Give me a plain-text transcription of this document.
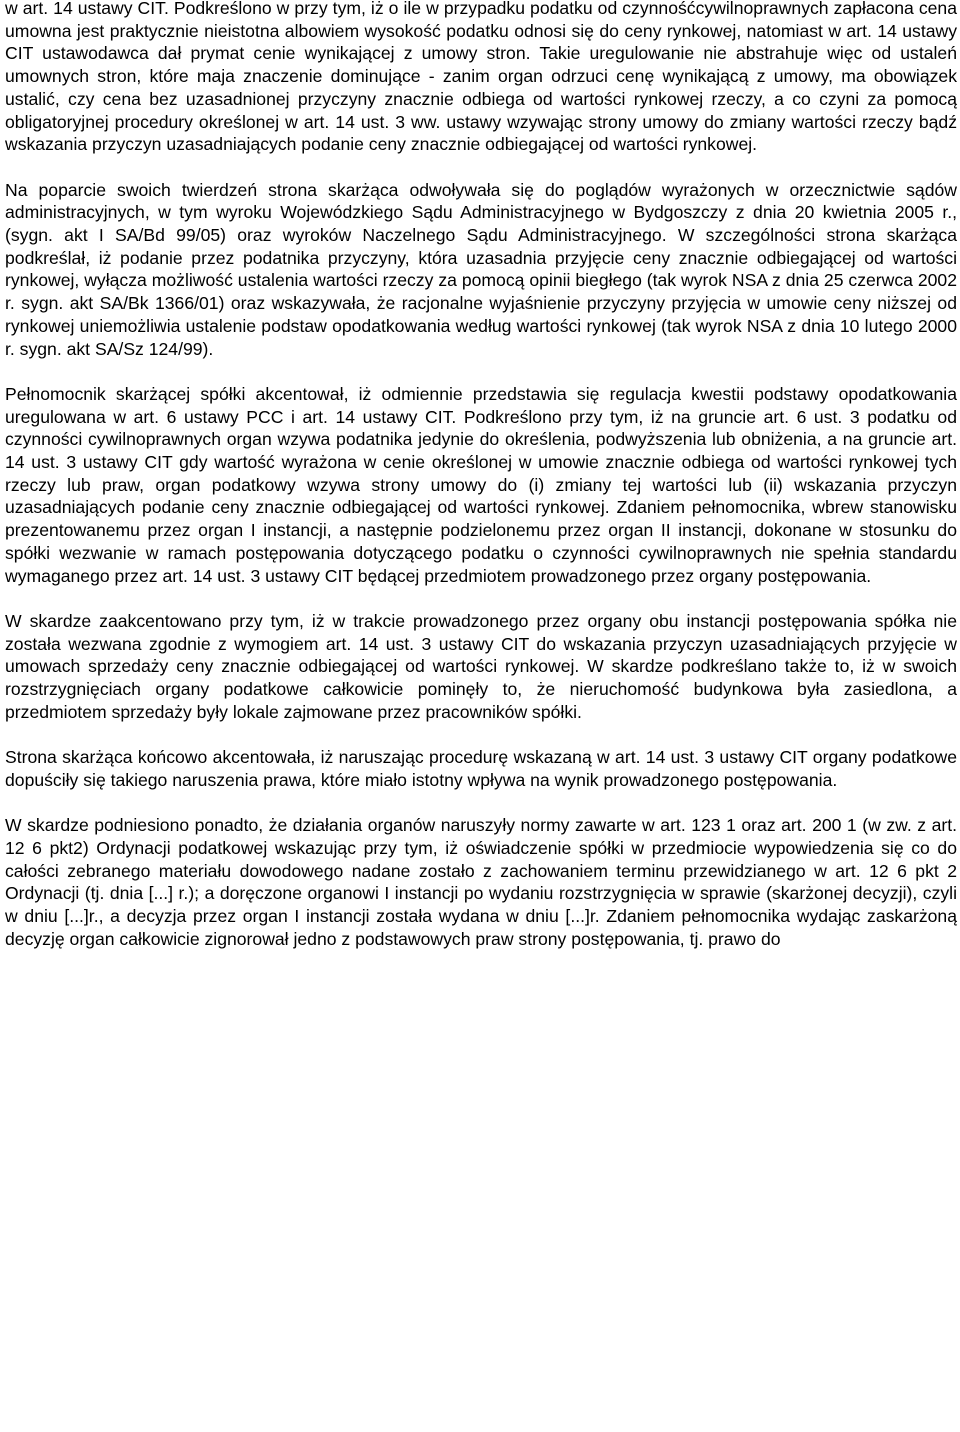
w art. 14 ustawy CIT. Podkreślono w przy tym, iż o ile w przypadku podatku od czynnośćcywilnoprawnych zapłacona cena umowna jest praktycznie nieistotna albowiem wysokość podatku odnosi się do ceny rynkowej, natomiast w art. 14 ustawy CIT ustawodawca dał prymat cenie wynikającej z umowy stron. Takie uregulowanie nie abstrahuje więc od ustaleń umownych stron, które maja znaczenie dominujące - zanim organ odrzuci cenę wynikającą z umowy, ma obowiązek ustalić, czy cena bez uzasadnionej przyczyny znacznie odbiega od wartości rynkowej rzeczy, a co czyni za pomocą obligatoryjnej procedury określonej w art. 14 ust. 3 ww. ustawy wzywając strony umowy do zmiany wartości rzeczy bądź wskazania przyczyn uzasadniających podanie ceny znacznie odbiegającej od wartości rynkowej.

Na poparcie swoich twierdzeń strona skarżąca odwoływała się do poglądów wyrażonych w orzecznictwie sądów administracyjnych, w tym wyroku Wojewódzkiego Sądu Administracyjnego w Bydgoszczy z dnia 20 kwietnia 2005 r., (sygn. akt I SA/Bd 99/05) oraz wyroków Naczelnego Sądu Administracyjnego. W szczególności strona skarżąca podkreślał, iż podanie przez podatnika przyczyny, która uzasadnia przyjęcie ceny znacznie odbiegającej od wartości rynkowej, wyłącza możliwość ustalenia wartości rzeczy za pomocą opinii biegłego (tak wyrok NSA z dnia 25 czerwca 2002 r. sygn. akt SA/Bk 1366/01) oraz wskazywała, że racjonalne wyjaśnienie przyczyny przyjęcia w umowie ceny niższej od rynkowej uniemożliwia ustalenie podstaw opodatkowania według wartości rynkowej (tak wyrok NSA z dnia 10 lutego 2000 r. sygn. akt SA/Sz 124/99).

Pełnomocnik skarżącej spółki akcentował, iż odmiennie przedstawia się regulacja kwestii podstawy opodatkowania uregulowana w art. 6 ustawy PCC i art. 14 ustawy CIT. Podkreślono przy tym, iż na gruncie art. 6 ust. 3 podatku od czynności cywilnoprawnych organ wzywa podatnika jedynie do określenia, podwyższenia lub obniżenia, a na gruncie art. 14 ust. 3 ustawy CIT gdy wartość wyrażona w cenie określonej w umowie znacznie odbiega od wartości rynkowej tych rzeczy lub praw, organ podatkowy wzywa strony umowy do (i) zmiany tej wartości lub (ii) wskazania przyczyn uzasadniających podanie ceny znacznie odbiegającej od wartości rynkowej. Zdaniem pełnomocnika, wbrew stanowisku prezentowanemu przez organ I instancji, a następnie podzielonemu przez organ II instancji, dokonane w stosunku do spółki wezwanie w ramach postępowania dotyczącego podatku o czynności cywilnoprawnych nie spełnia standardu wymaganego przez art. 14 ust. 3 ustawy CIT będącej przedmiotem prowadzonego przez organy postępowania.

W skardze zaakcentowano przy tym, iż w trakcie prowadzonego przez organy obu instancji postępowania spółka nie została wezwana zgodnie z wymogiem art. 14 ust. 3 ustawy CIT do wskazania przyczyn uzasadniających przyjęcie w umowach sprzedaży ceny znacznie odbiegającej od wartości rynkowej. W skardze podkreślano także to, iż w swoich rozstrzygnięciach organy podatkowe całkowicie pominęły to, że nieruchomość budynkowa była zasiedlona, a przedmiotem sprzedaży były lokale zajmowane przez pracowników spółki.

Strona skarżąca końcowo akcentowała, iż naruszając procedurę wskazaną w art. 14 ust. 3 ustawy CIT organy podatkowe dopuściły się takiego naruszenia prawa, które miało istotny wpływa na wynik prowadzonego postępowania.

W skardze podniesiono ponadto, że działania organów naruszyły normy zawarte w art. 123 1 oraz art. 200 1 (w zw. z art. 12 6 pkt2) Ordynacji podatkowej wskazując przy tym, iż oświadczenie spółki w przedmiocie wypowiedzenia się co do całości zebranego materiału dowodowego nadane zostało z zachowaniem terminu przewidzianego w art. 12 6 pkt 2 Ordynacji (tj. dnia [...] r.); a doręczone organowi I instancji po wydaniu rozstrzygnięcia w sprawie (skarżonej decyzji), czyli w dniu [...]r., a decyzja przez organ I instancji została wydana w dniu [...]r. Zdaniem pełnomocnika wydając zaskarżoną decyzję organ całkowicie zignorował jedno z podstawowych praw strony postępowania, tj. prawo do
